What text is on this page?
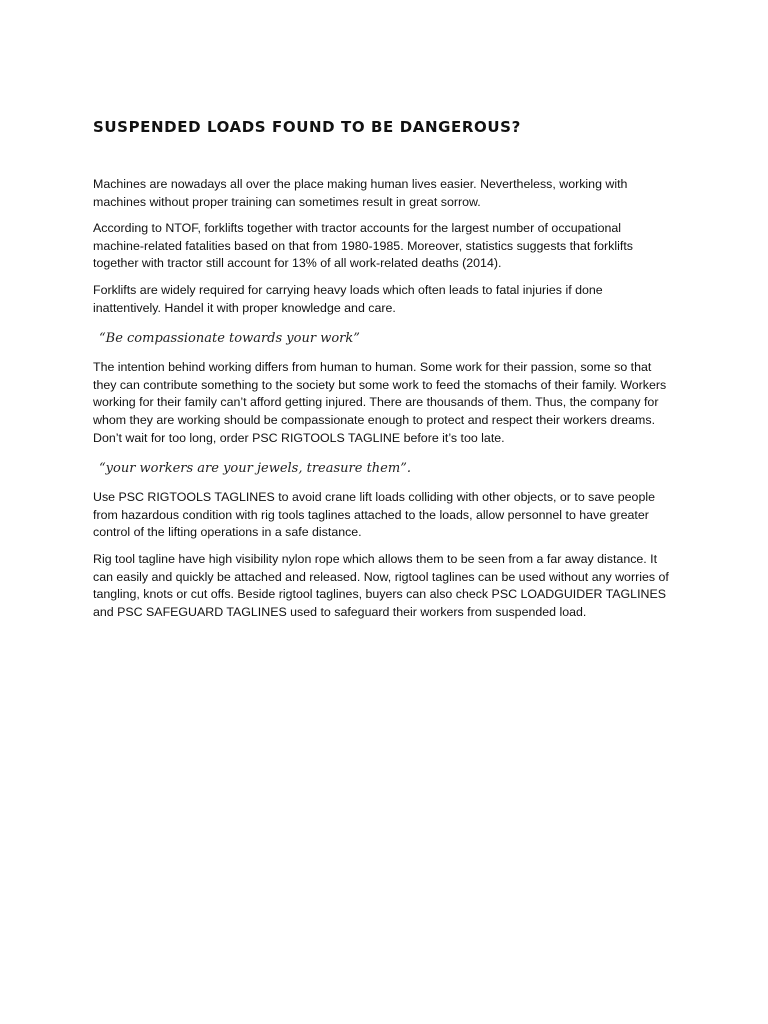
SUSPENDED LOADS FOUND TO BE DANGEROUS?

Machines are nowadays all over the place making human lives easier. Nevertheless, working with machines without proper training can sometimes result in great sorrow.

According to NTOF, forklifts together with tractor accounts for the largest number of occupational machine-related fatalities based on that from 1980-1985. Moreover, statistics suggests that forklifts together with tractor still account for 13% of all work-related deaths (2014).

Forklifts are widely required for carrying heavy loads which often leads to fatal injuries if done inattentively. Handel it with proper knowledge and care.

“Be compassionate towards your work”

The intention behind working differs from human to human. Some work for their passion, some so that they can contribute something to the society but some work to feed the stomachs of their family. Workers working for their family can’t afford getting injured. There are thousands of them. Thus, the company for whom they are working should be compassionate enough to protect and respect their workers dreams. Don’t wait for too long, order PSC RIGTOOLS TAGLINE before it’s too late.

“your workers are your jewels, treasure them”.

Use PSC RIGTOOLS TAGLINES to avoid crane lift loads colliding with other objects, or to save people from hazardous condition with rig tools taglines attached to the loads, allow personnel to have greater control of the lifting operations in a safe distance.

Rig tool tagline have high visibility nylon rope which allows them to be seen from a far away distance. It can easily and quickly be attached and released. Now, rigtool taglines can be used without any worries of tangling, knots or cut offs. Beside rigtool taglines, buyers can also check PSC LOADGUIDER TAGLINES and PSC SAFEGUARD TAGLINES used to safeguard their workers from suspended load.
